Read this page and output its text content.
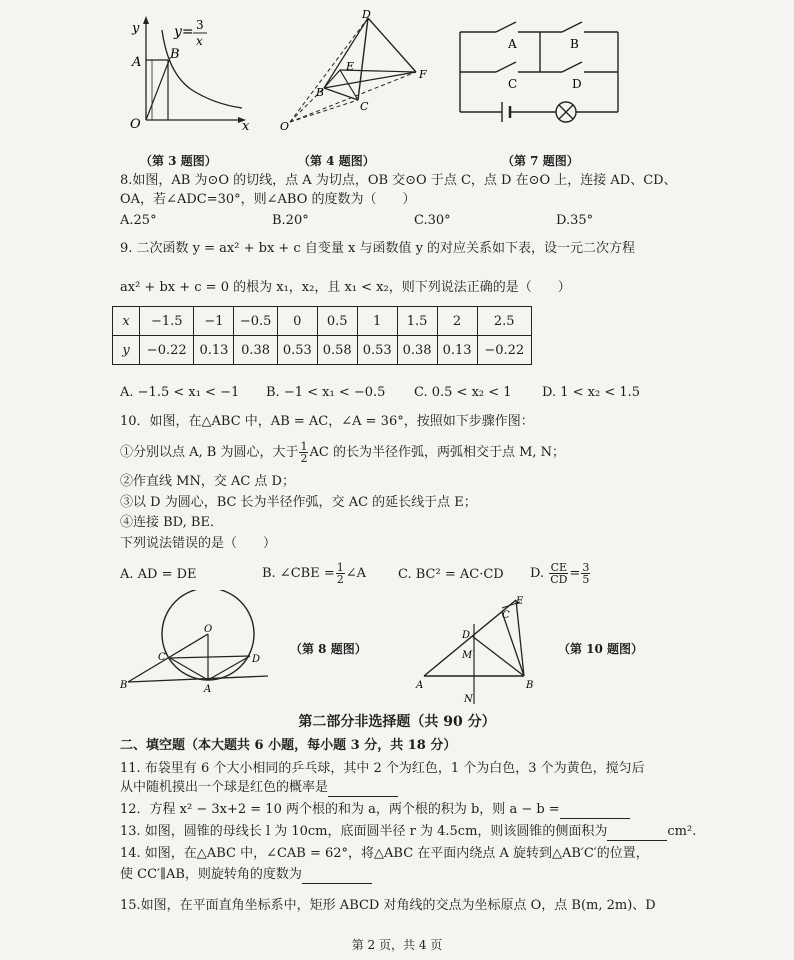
y
x
O
A
B
y= 3
x
D
E
F
B
C
O
A	B
C	D
（第 3 题图）	（第 4 题图）	（第 7 题图）
8.如图，AB 为⊙O 的切线，点 A 为切点，OB 交⊙O 于点 C，点 D 在⊙O 上，连接 AD、CD、
OA，若∠ADC=30°，则∠ABO 的度数为（　　）
A.25°	B.20°	C.30°	D.35°
9. 二次函数 y = ax² + bx + c 自变量 x 与函数值 y 的对应关系如下表，设一元二次方程
ax² + bx + c = 0 的根为 x₁，x₂，且 x₁ < x₂，则下列说法正确的是（　　）
x	−1.5	−1	−0.5	0	0.5	1	1.5	2	2.5
y	−0.22	0.13	0.38	0.53	0.58	0.53	0.38	0.13	−0.22
A. −1.5 < x₁ < −1 B. −1 < x₁ < −0.5 C. 0.5 < x₂ < 1 D. 1 < x₂ < 1.5
10．如图，在△ABC 中，AB = AC，∠A = 36°，按照如下步骤作图：
①分别以点 A, B 为圆心，大于 $\frac{1}{2}$ AC 的长为半径作弧，两弧相交于点 M, N；
②作直线 MN，交 AC 点 D；
③以 D 为圆心，BC 长为半径作弧，交 AC 的延长线于点 E；
④连接 BD, BE．
下列说法错误的是（　　）
A. AD = DE	B. ∠CBE = $\frac{1}{2}$ ∠A C. BC² = AC·CD D. $\frac{CE}{CD} = \frac{3}{5}$
O
C	D
B	A
（第 8 题图）
E
D
M
C
A	B
N
（第 10 题图）
第二部分非选择题（共 90 分）
二、填空题（本大题共 6 小题，每小题 3 分，共 18 分）
11. 布袋里有 6 个大小相同的乒乓球，其中 2 个为红色，1 个为白色，3 个为黄色，搅匀后
从中随机摸出一个球是红色的概率是
12．方程 x² − 3x+2 = 10 两个根的和为 a，两个根的积为 b，则 a − b =
13. 如图，圆锥的母线长 l 为 10cm，底面圆半径 r 为 4.5cm，则该圆锥的侧面积为	cm².
14. 如图，在△ABC 中，∠CAB = 62°，将△ABC 在平面内绕点 A 旋转到△AB′C′的位置，
使 CC′∥AB，则旋转角的度数为
15.如图，在平面直角坐标系中，矩形 ABCD 对角线的交点为坐标原点 O，点 B(m, 2m)、D
第 2 页，共 4 页
